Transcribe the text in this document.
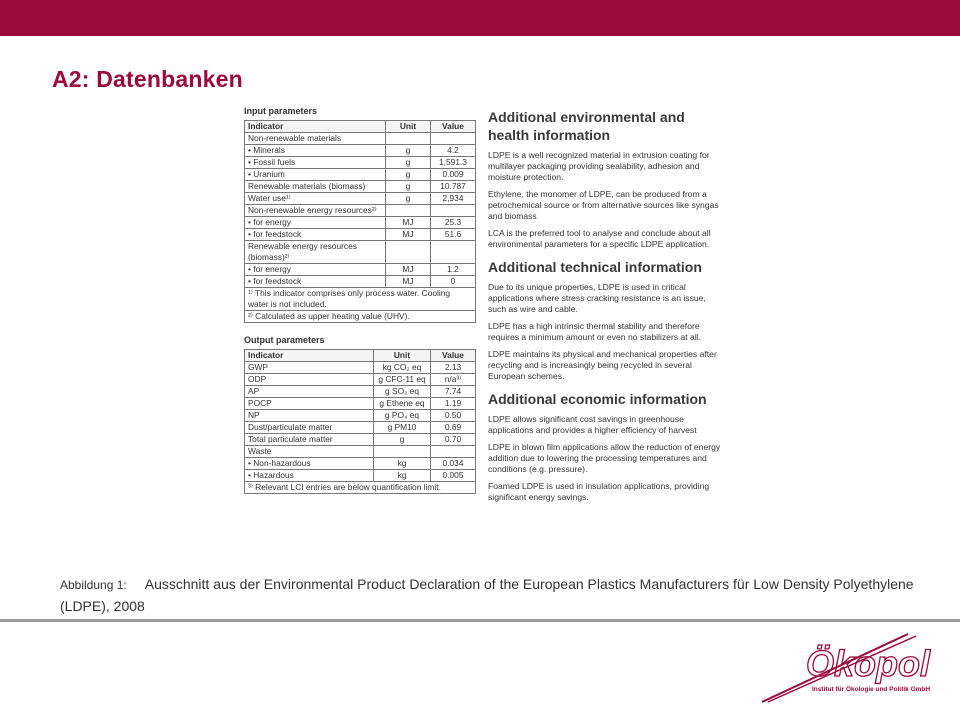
A2: Datenbanken
Input parameters
Indicator	Unit	Value
Non-renewable materials		
• Minerals	g	4.2
• Fossil fuels	g	1,591.3
• Uranium	g	0.009
Renewable materials (biomass)	g	10.787
Water use¹⁾	g	2,934
Non-renewable energy resources²⁾		
• for energy	MJ	25.3
• for feedstock	MJ	51.6
Renewable energy resources (biomass)²⁾		
• for energy	MJ	1.2
• for feedstock	MJ	0
¹⁾ This indicator comprises only process water. Cooling water is not included.		
²⁾ Calculated as upper heating value (UHV).		
Output parameters
Indicator	Unit	Value
GWP	kg CO₂ eq	2.13
ODP	g CFC-11 eq	n/a³⁾
AP	g SO₂ eq	7.74
POCP	g Ethene eq	1.19
NP	g PO₄ eq	0.50
Dust/particulate matter	g PM10	0.69
Total particulate matter	g	0.70
Waste		
• Non-hazardous	kg	0.034
• Hazardous	kg	0.005
³⁾ Relevant LCI entries are below quantification limit.		

Additional environmental and health information

LDPE is a well recognized material in extrusion coating for multilayer packaging providing sealability, adhesion and moisture protection.

Ethylene, the monomer of LDPE, can be produced from a petrochemical source or from alternative sources like syngas and biomass

LCA is the preferred tool to analyse and conclude about all environmental parameters for a specific LDPE application.

Additional technical information

Due to its unique properties, LDPE is used in critical applications where stress cracking resistance is an issue, such as wire and cable.

LDPE has a high intrinsic thermal stability and therefore requires a minimum amount or even no stabilizers at all.

LDPE maintains its physical and mechanical properties after recycling and is increasingly being recycled in several European schemes.

Additional economic information

LDPE allows significant cost savings in greenhouse applications and provides a higher efficiency of harvest

LDPE in blown film applications allow the reduction of energy addition due to lowering the processing temperatures and conditions (e.g. pressure).

Foamed LDPE is used in insulation applications, providing significant energy savings.

Abbildung 1: Ausschnitt aus der Environmental Product Declaration of the European Plastics Manufacturers für Low Density Polyethylene (LDPE), 2008
Ökopol
Institut für Ökologie und Politik GmbH
